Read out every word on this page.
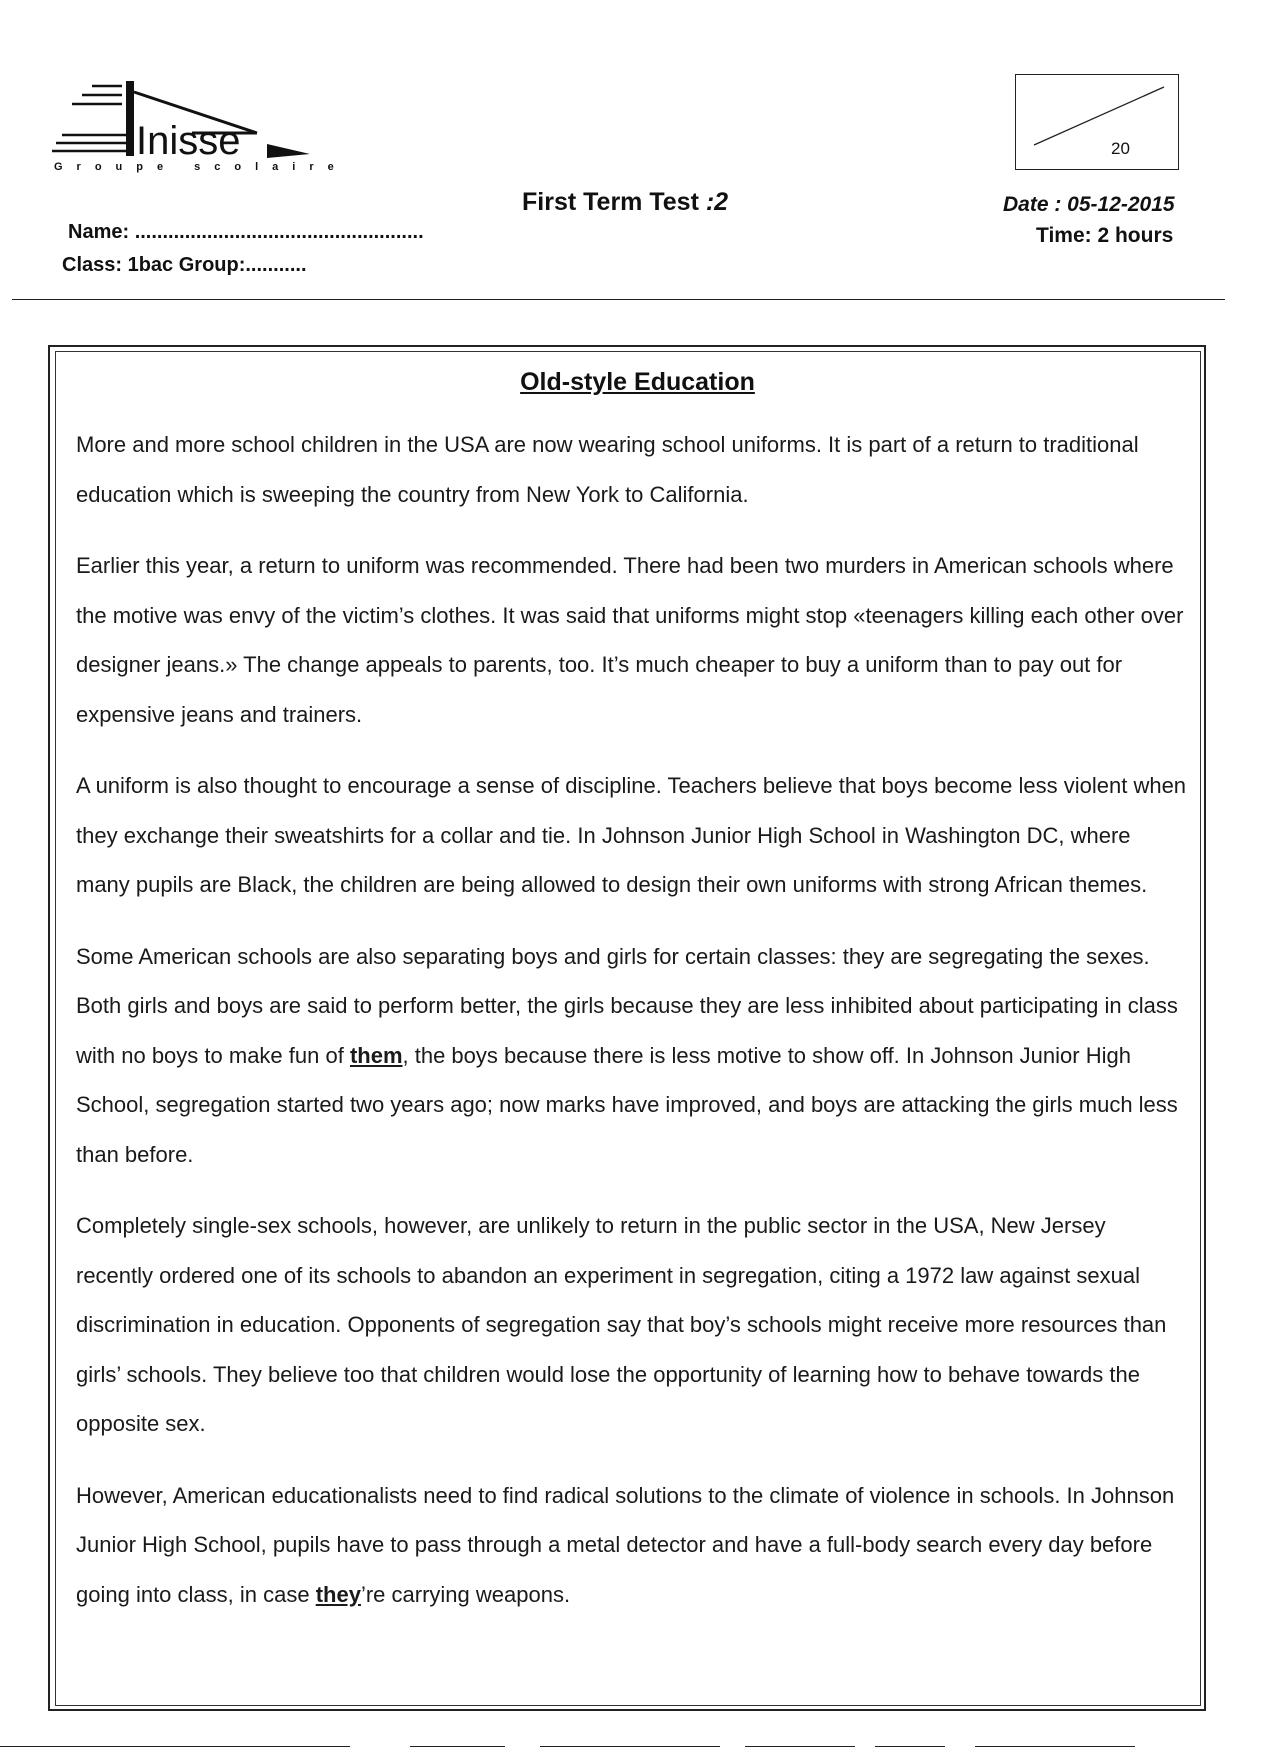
Inisse
Groupe scolaire
20
First Term Test :2	Date : 05-12-2015
Time: 2 hours
Name: ....................................................
Class: 1bac Group:...........
Old-style Education

More and more school children in the USA are now wearing school uniforms. It is part of a return to traditional education which is sweeping the country from New York to California.

Earlier this year, a return to uniform was recommended. There had been two murders in American schools where the motive was envy of the victim’s clothes. It was said that uniforms might stop «teenagers killing each other over designer jeans.» The change appeals to parents, too. It’s much cheaper to buy a uniform than to pay out for expensive jeans and trainers.

A uniform is also thought to encourage a sense of discipline. Teachers believe that boys become less violent when they exchange their sweatshirts for a collar and tie. In Johnson Junior High School in Washington DC, where many pupils are Black, the children are being allowed to design their own uniforms with strong African themes.

Some American schools are also separating boys and girls for certain classes: they are segregating the sexes. Both girls and boys are said to perform better, the girls because they are less inhibited about participating in class with no boys to make fun of them, the boys because there is less motive to show off. In Johnson Junior High School, segregation started two years ago; now marks have improved, and boys are attacking the girls much less than before.

Completely single-sex schools, however, are unlikely to return in the public sector in the USA, New Jersey recently ordered one of its schools to abandon an experiment in segregation, citing a 1972 law against sexual discrimination in education. Opponents of segregation say that boy’s schools might receive more resources than girls’ schools. They believe too that children would lose the opportunity of learning how to behave towards the opposite sex.

However, American educationalists need to find radical solutions to the climate of violence in schools. In Johnson Junior High School, pupils have to pass through a metal detector and have a full-body search every day before going into class, in case they’re carrying weapons.
